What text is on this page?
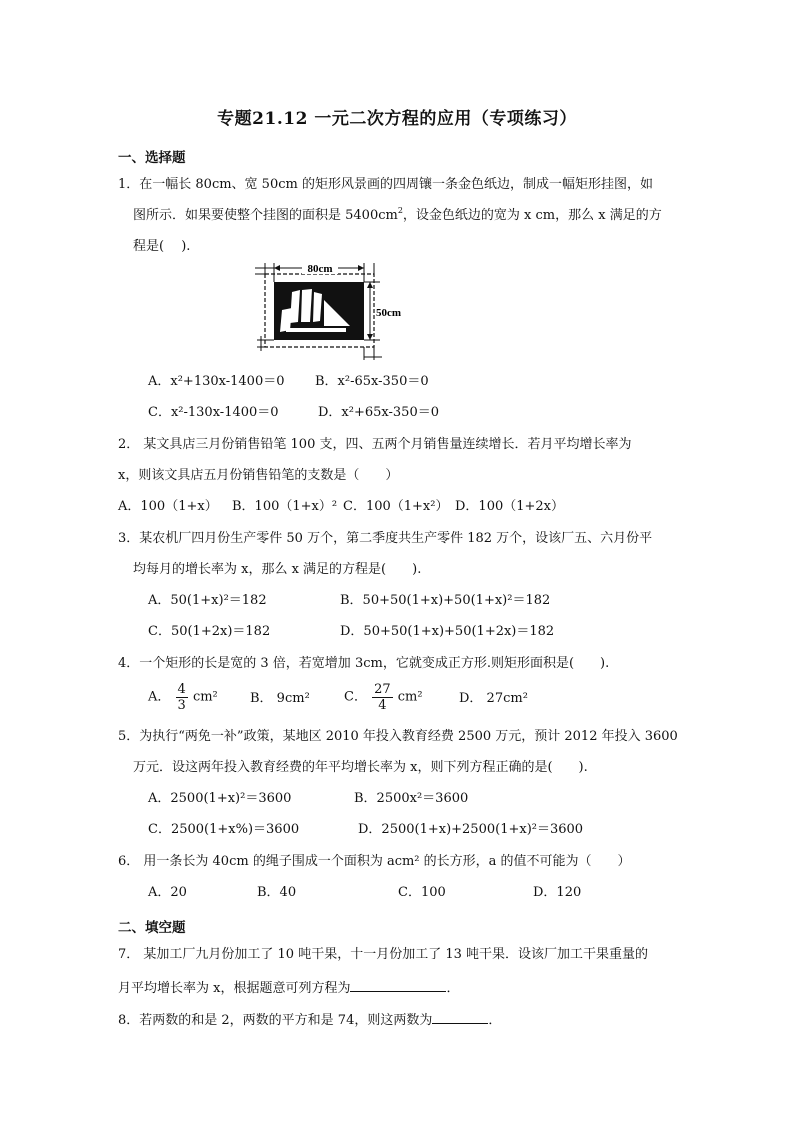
专题21.12 一元二次方程的应用（专项练习）
一、选择题
1．在一幅长 80cm、宽 50cm 的矩形风景画的四周镶一条金色纸边，制成一幅矩形挂图，如
图所示．如果要使整个挂图的面积是 $5400cm^2$，设金色纸边的宽为 x cm，那么 x 满足的方
程是(　 ).
80cm
50cm
A．x²+130x-1400＝0 B．x²-65x-350＝0
C．x²-130x-1400＝0	D．x²+65x-350＝0
2． 某文具店三月份销售铅笔 100 支，四、五两个月销售量连续增长．若月平均增长率为
x，则该文具店五月份销售铅笔的支数是（　　）
A．100（1+x） B．100（1+x）² C．100（1+x²） D．100（1+2x）
3．某农机厂四月份生产零件 50 万个，第二季度共生产零件 182 万个，设该厂五、六月份平
均每月的增长率为 x，那么 x 满足的方程是(　　).
A．50(1+x)²＝182	B．50+50(1+x)+50(1+x)²＝182
C．50(1+2x)＝182	D．50+50(1+x)+50(1+2x)＝182
4．一个矩形的长是宽的 3 倍，若宽增加 3cm，它就变成正方形.则矩形面积是(　　).
A． $\frac{4}{3} cm^2$ B． 9cm²	C． $\frac{27}{4} cm^2$	D． 27cm²
5．为执行“两免一补”政策，某地区 2010 年投入教育经费 2500 万元，预计 2012 年投入 3600
万元．设这两年投入教育经费的年平均增长率为 x，则下列方程正确的是(　　).
A．2500(1+x)²＝3600	B．2500x²＝3600
C．2500(1+x%)＝3600	D．2500(1+x)+2500(1+x)²＝3600
6． 用一条长为 40cm 的绳子围成一个面积为 acm² 的长方形，a 的值不可能为（　　）
A．20	B．40	C．100	D．120
二、填空题
7． 某加工厂九月份加工了 10 吨干果，十一月份加工了 13 吨干果．设该厂加工干果重量的
月平均增长率为 x，根据题意可列方程为	．
8．若两数的和是 2，两数的平方和是 74，则这两数为	．
